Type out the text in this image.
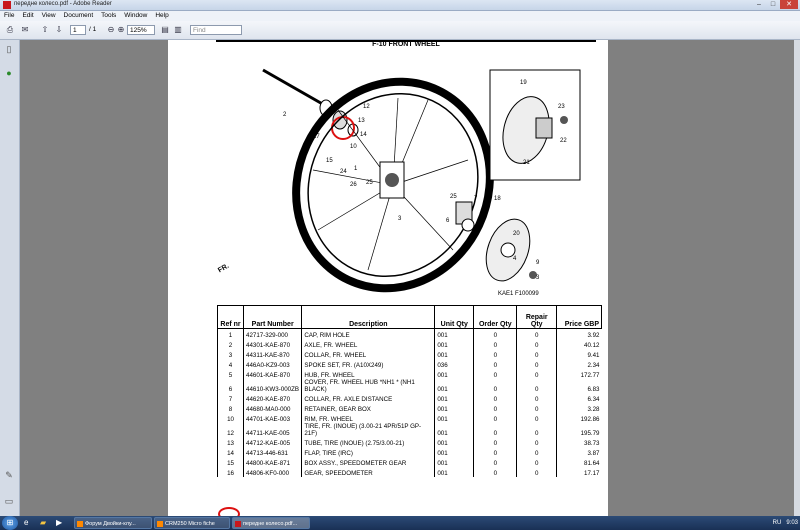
передне колесо.pdf - Adobe Reader	–	□	✕
File Edit View Document Tools Window Help
⎙ ✉ ⇧ ⇩	1	/ 1 ⊖ ⊕ 125%	▤ ▥	Find
▯
●
✎
▭
F-10 FRONT WHEEL
2
12
13
14
17
15
10
24 1
26 25
3
25	7	18
20
4
9
3
19
23
22
21
6
KAE1 F100099
FR.
Ref nr	Part Number	Description	Unit Qty	Order Qty	Repair Qty	Price GBP
1	42717-329-000	CAP, RIM HOLE	001	0	0	3.92
2	44301-KAE-870	AXLE, FR. WHEEL	001	0	0	40.12
3	44311-KAE-870	COLLAR, FR. WHEEL	001	0	0	9.41
4	446A0-KZ9-003	SPOKE SET, FR. (A10X249)	036	0	0	2.34
5	44601-KAE-870	HUB, FR. WHEEL	001	0	0	172.77
6	44610-KW3-000ZB	COVER, FR. WHEEL HUB *NH1 * (NH1 BLACK)	001	0	0	6.83
7	44620-KAE-870	COLLAR, FR. AXLE DISTANCE	001	0	0	6.34
8	44680-MA0-000	RETAINER, GEAR BOX	001	0	0	3.28
10	44701-KAE-003	RIM, FR. WHEEL	001	0	0	192.86
12	44711-KAE-005	TIRE, FR. (INOUE) (3.00-21 4PR/51P GP-21F)	001	0	0	195.79
13	44712-KAE-005	TUBE, TIRE (INOUE) (2.75/3.00-21)	001	0	0	38.73
14	44713-446-631	FLAP, TIRE (IRC)	001	0	0	3.87
15	44800-KAE-871	BOX ASSY., SPEEDOMETER GEAR	001	0	0	81.64
16	44806-KF0-000	GEAR, SPEEDOMETER	001	0	0	17.17
⊞	e ▰ ▶	Форум Двойки-клу...	CRM250 Micro fiche	передне колесо.pdf...	RU 9:03
